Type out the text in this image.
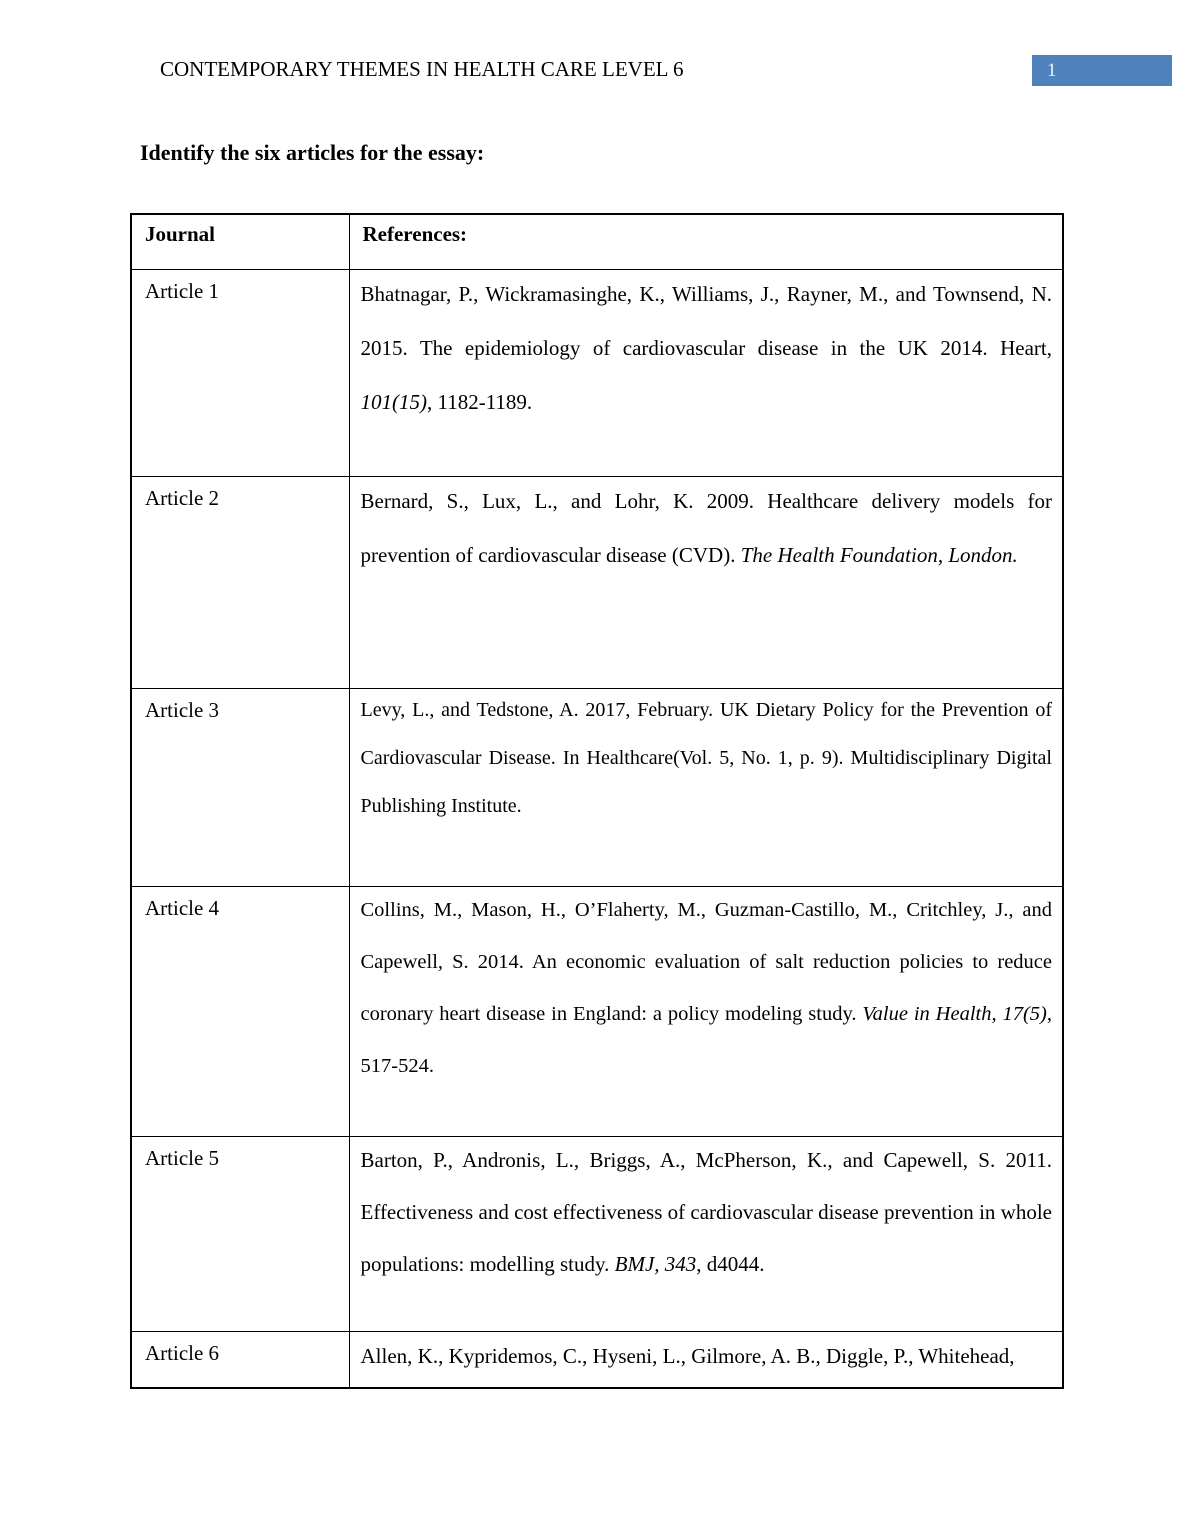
CONTEMPORARY THEMES IN HEALTH CARE LEVEL 6	1
Identify the six articles for the essay:
Journal	References:
Article 1	Bhatnagar, P., Wickramasinghe, K., Williams, J., Rayner, M., and Townsend, N. 2015. The epidemiology of cardiovascular disease in the UK 2014. Heart, 101(15), 1182-1189.

Article 2	Bernard, S., Lux, L., and Lohr, K. 2009. Healthcare delivery models for prevention of cardiovascular disease (CVD). The Health Foundation, London.

Article 3	Levy, L., and Tedstone, A. 2017, February. UK Dietary Policy for the Prevention of Cardiovascular Disease. In Healthcare(Vol. 5, No. 1, p. 9). Multidisciplinary Digital Publishing Institute.

Article 4	Collins, M., Mason, H., O’Flaherty, M., Guzman-Castillo, M., Critchley, J., and Capewell, S. 2014. An economic evaluation of salt reduction policies to reduce coronary heart disease in England: a policy modeling study. Value in Health, 17(5), 517-524.

Article 5	Barton, P., Andronis, L., Briggs, A., McPherson, K., and Capewell, S. 2011. Effectiveness and cost effectiveness of cardiovascular disease prevention in whole populations: modelling study. BMJ, 343, d4044.

Article 6	Allen, K., Kypridemos, C., Hyseni, L., Gilmore, A. B., Diggle, P., Whitehead,
